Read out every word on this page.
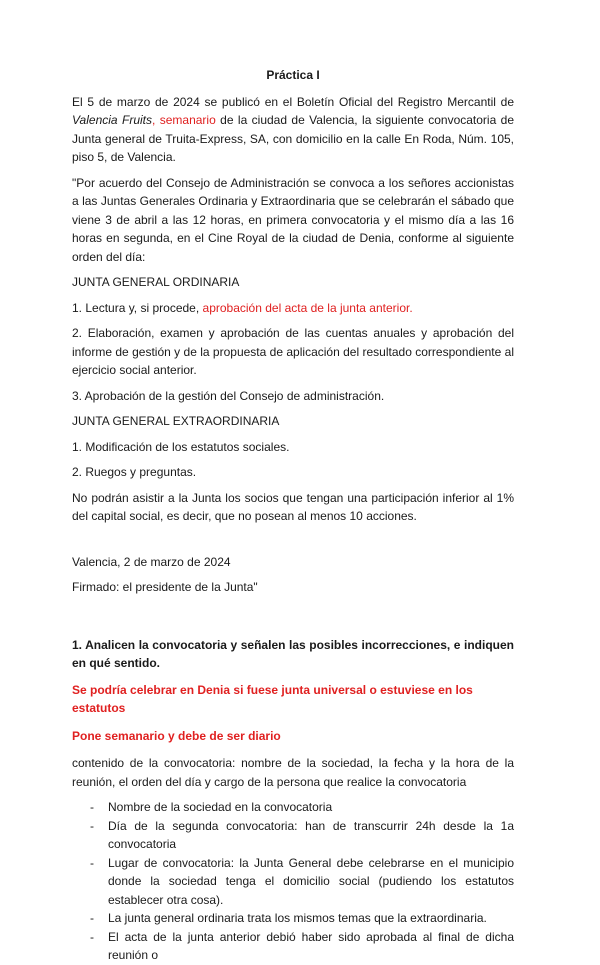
Práctica I

El 5 de marzo de 2024 se publicó en el Boletín Oficial del Registro Mercantil de Valencia Fruits, semanario de la ciudad de Valencia, la siguiente convocatoria de Junta general de Truita-Express, SA, con domicilio en la calle En Roda, Núm. 105, piso 5, de Valencia.

"Por acuerdo del Consejo de Administración se convoca a los señores accionistas a las Juntas Generales Ordinaria y Extraordinaria que se celebrarán el sábado que viene 3 de abril a las 12 horas, en primera convocatoria y el mismo día a las 16 horas en segunda, en el Cine Royal de la ciudad de Denia, conforme al siguiente orden del día:

JUNTA GENERAL ORDINARIA
1. Lectura y, si procede, aprobación del acta de la junta anterior.

2. Elaboración, examen y aprobación de las cuentas anuales y aprobación del informe de gestión y de la propuesta de aplicación del resultado correspondiente al ejercicio social anterior.

3. Aprobación de la gestión del Consejo de administración.
JUNTA GENERAL EXTRAORDINARIA
1. Modificación de los estatutos sociales.
2. Ruegos y preguntas.

No podrán asistir a la Junta los socios que tengan una participación inferior al 1% del capital social, es decir, que no posean al menos 10 acciones.

Valencia, 2 de marzo de 2024
Firmado: el presidente de la Junta"
1. Analicen la convocatoria y señalen las posibles incorrecciones, e indiquen en qué sentido.
Se podría celebrar en Denia si fuese junta universal o estuviese en los estatutos
Pone semanario y debe de ser diario

contenido de la convocatoria: nombre de la sociedad, la fecha y la hora de la reunión, el orden del día y cargo de la persona que realice la convocatoria

- Nombre de la sociedad en la convocatoria
- Día de la segunda convocatoria: han de transcurrir 24h desde la 1a convocatoria
- Lugar de convocatoria: la Junta General debe celebrarse en el municipio donde la sociedad tenga el domicilio social (pudiendo los estatutos establecer otra cosa).
- La junta general ordinaria trata los mismos temas que la extraordinaria.
- El acta de la junta anterior debió haber sido aprobada al final de dicha reunión o
